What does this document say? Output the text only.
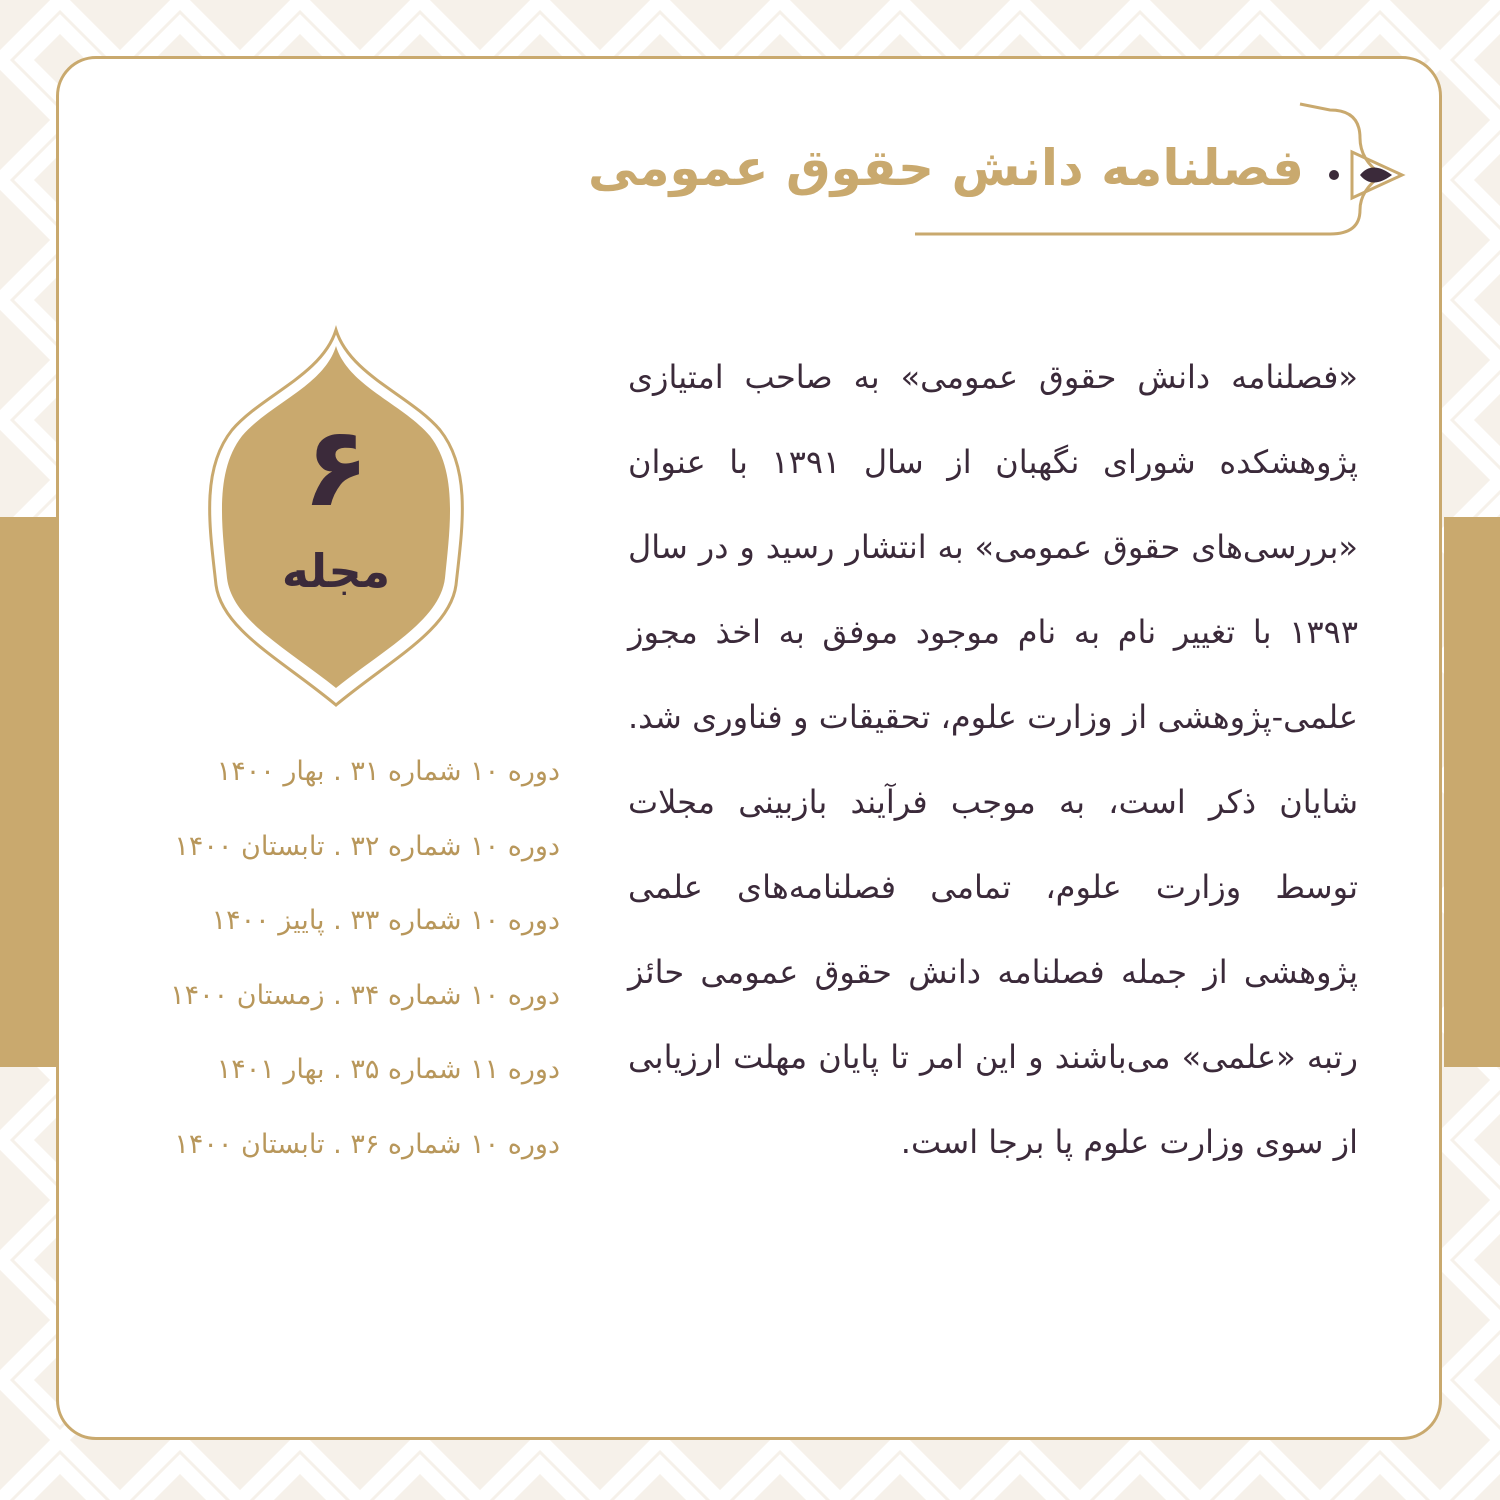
فصلنامه دانش حقوق عمومی
۶
مجله
دوره ۱۰ شماره ۳۱ . بهار ۱۴۰۰
دوره ۱۰ شماره ۳۲ . تابستان ۱۴۰۰
دوره ۱۰ شماره ۳۳ . پاییز ۱۴۰۰
دوره ۱۰ شماره ۳۴ . زمستان ۱۴۰۰
دوره ۱۱ شماره ۳۵ . بهار ۱۴۰۱
دوره ۱۰ شماره ۳۶ . تابستان ۱۴۰۰

«فصلنامه دانش حقوق عمومی» به صاحب امتیازی پژوهشکده شورای نگهبان از سال ۱۳۹۱ با عنوان «بررسی‌های حقوق عمومی» به انتشار رسید و در سال ۱۳۹۳ با تغییر نام به نام موجود موفق به اخذ مجوز علمی-پژوهشی از وزارت علوم، تحقیقات و فناوری شد. شایان ذکر است، به موجب فرآیند بازبینی مجلات توسط وزارت علوم، تمامی فصلنامه‌های علمی پژوهشی از جمله فصلنامه دانش حقوق عمومی حائز رتبه «علمی» می‌باشند و این امر تا پایان مهلت ارزیابی از سوی وزارت علوم پا برجا است.
